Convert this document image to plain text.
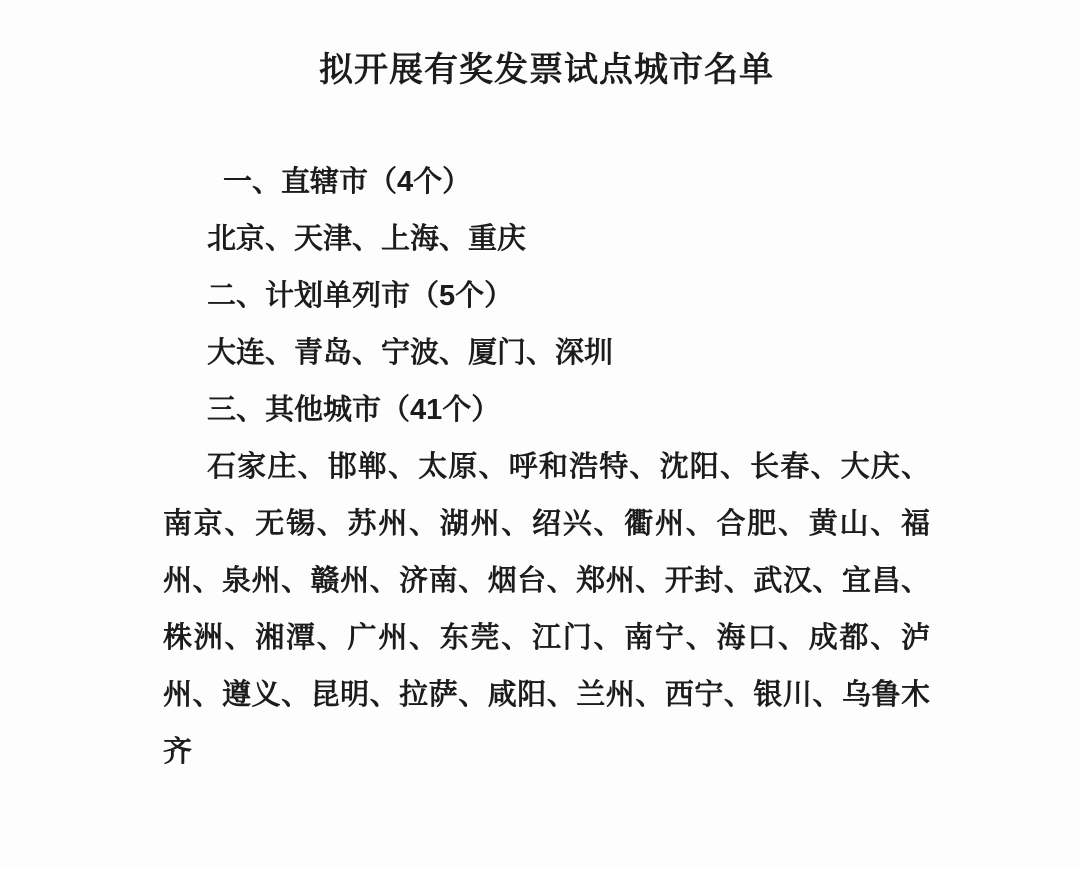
拟开展有奖发票试点城市名单
一、直辖市（4个）
北京、天津、上海、重庆
二、计划单列市（5个）
大连、青岛、宁波、厦门、深圳
三、其他城市（41个）
石家庄、邯郸、太原、呼和浩特、沈阳、长春、大庆、
南京、无锡、苏州、湖州、绍兴、衢州、合肥、黄山、福
州、泉州、赣州、济南、烟台、郑州、开封、武汉、宜昌、
株洲、湘潭、广州、东莞、江门、南宁、海口、成都、泸
州、遵义、昆明、拉萨、咸阳、兰州、西宁、银川、乌鲁木
齐
